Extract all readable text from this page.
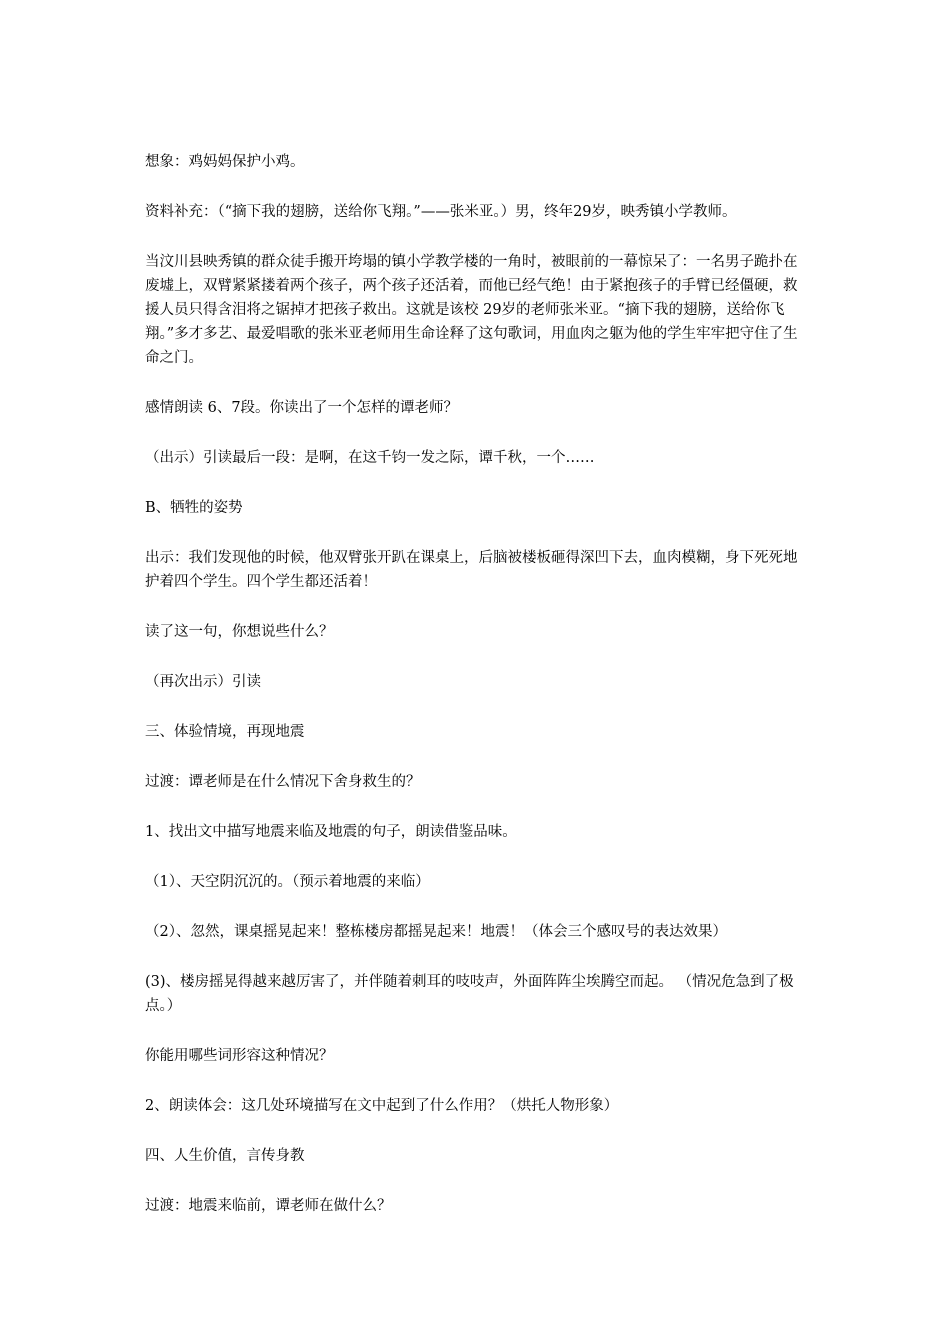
想象：鸡妈妈保护小鸡。

资料补充：（“摘下我的翅膀，送给你飞翔。”——张米亚。）男，终年29岁，映秀镇小学教师。

当汶川县映秀镇的群众徒手搬开垮塌的镇小学教学楼的一角时，被眼前的一幕惊呆了：一名男子跪扑在废墟上，双臂紧紧搂着两个孩子，两个孩子还活着，而他已经气绝！由于紧抱孩子的手臂已经僵硬，救援人员只得含泪将之锯掉才把孩子救出。这就是该校 29岁的老师张米亚。“摘下我的翅膀，送给你飞翔。”多才多艺、最爱唱歌的张米亚老师用生命诠释了这句歌词，用血肉之躯为他的学生牢牢把守住了生命之门。

感情朗读 6、7段。你读出了一个怎样的谭老师？

（出示）引读最后一段：是啊，在这千钧一发之际，谭千秋，一个……

B、牺牲的姿势

出示：我们发现他的时候，他双臂张开趴在课桌上，后脑被楼板砸得深凹下去，血肉模糊，身下死死地护着四个学生。四个学生都还活着！

读了这一句，你想说些什么？

（再次出示）引读

三、体验情境，再现地震

过渡：谭老师是在什么情况下舍身救生的？

1、找出文中描写地震来临及地震的句子，朗读借鉴品味。

（1）、天空阴沉沉的。（预示着地震的来临）

（2）、忽然，课桌摇晃起来！整栋楼房都摇晃起来！地震！（体会三个感叹号的表达效果）

(3)、楼房摇晃得越来越厉害了，并伴随着刺耳的吱吱声，外面阵阵尘埃腾空而起。 （情况危急到了极点。）

你能用哪些词形容这种情况？

2、朗读体会：这几处环境描写在文中起到了什么作用？（烘托人物形象）

四、人生价值，言传身教

过渡：地震来临前，谭老师在做什么？
